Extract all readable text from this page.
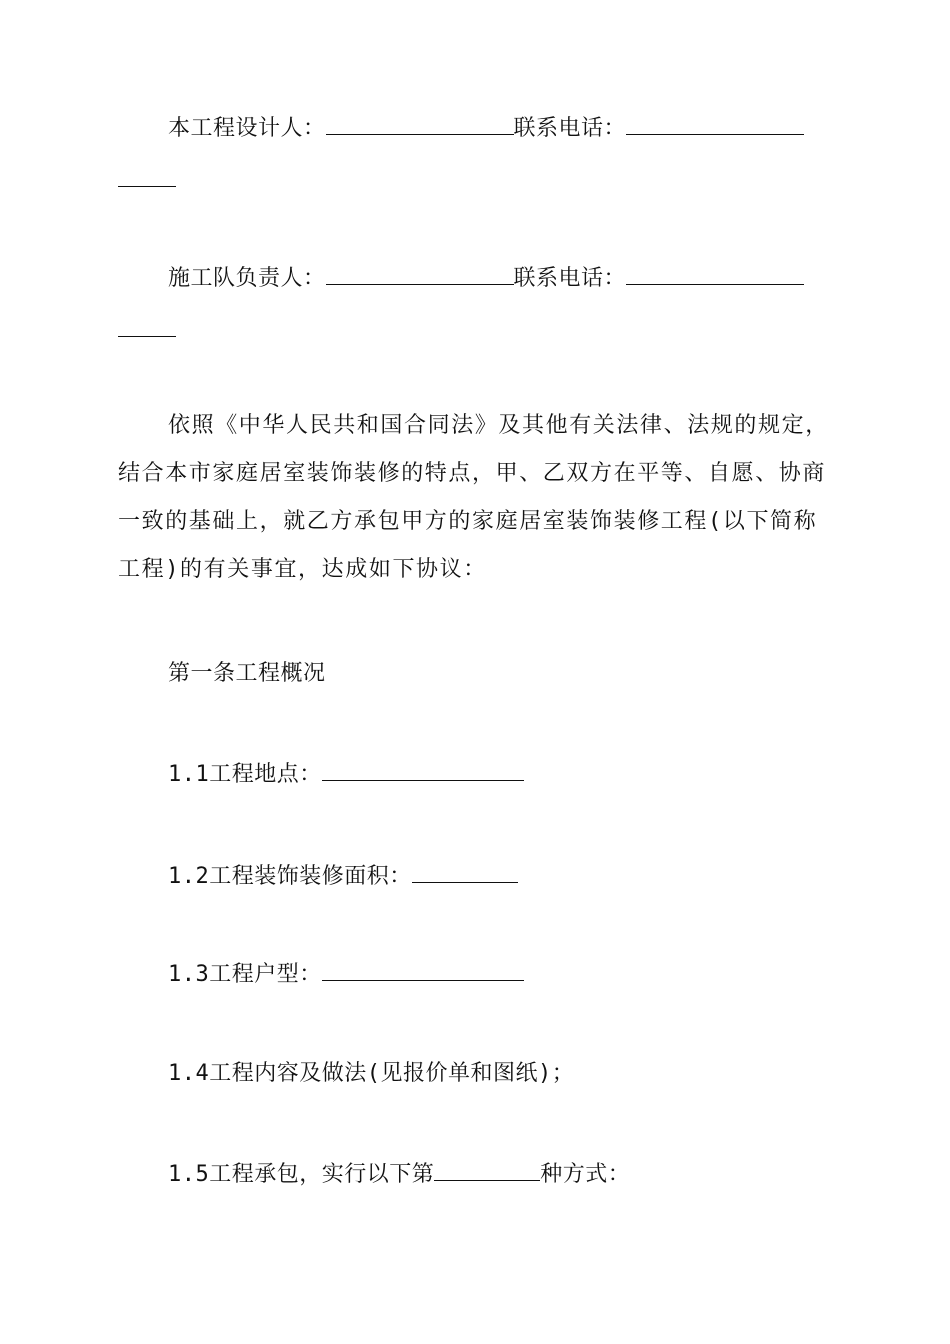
本工程设计人：	联系电话：
施工队负责人：	联系电话：
依照《中华人民共和国合同法》及其他有关法律、法规的规定，结合本市家庭居室装饰装修的特点，甲、乙双方在平等、自愿、协商一致的基础上，就乙方承包甲方的家庭居室装饰装修工程(以下简称工程)的有关事宜，达成如下协议：
第一条工程概况
1.1工程地点：
1.2工程装饰装修面积：
1.3工程户型：
1.4工程内容及做法(见报价单和图纸)；
1.5工程承包，实行以下第	种方式：
